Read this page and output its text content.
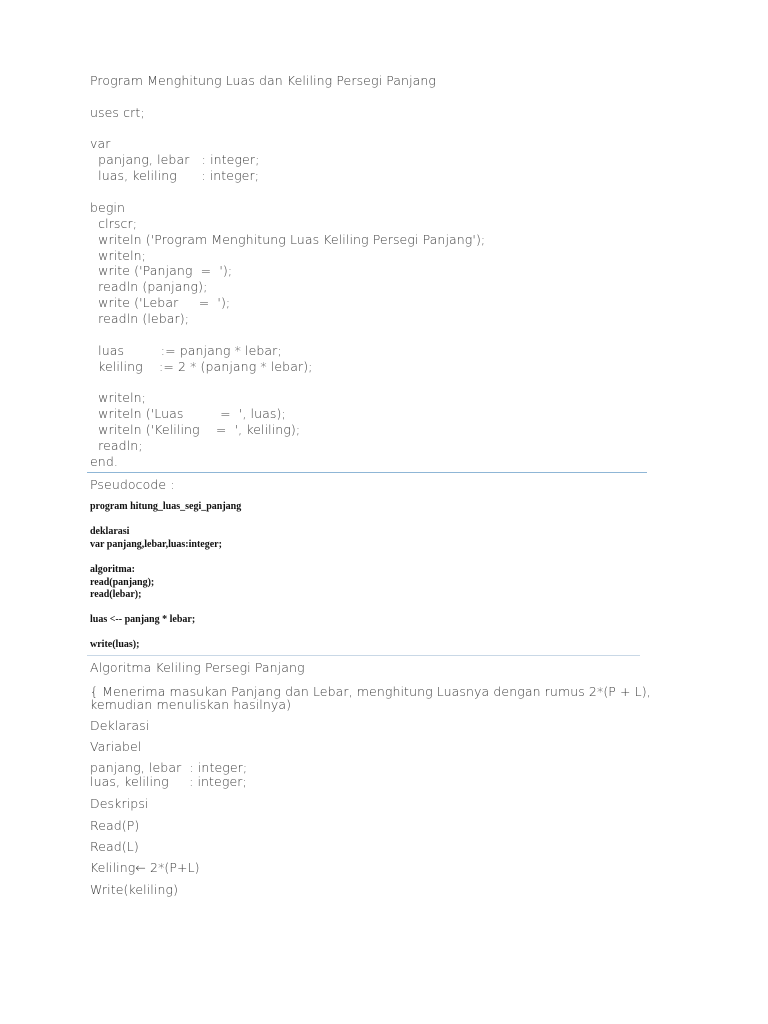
Program Menghitung Luas dan Keliling Persegi Panjang
uses crt;
var
panjang, lebar   : integer;
luas, keliling      : integer;
begin
clrscr;
writeln ('Program Menghitung Luas Keliling Persegi Panjang');
writeln;
write ('Panjang  =  ');
readln (panjang);
write ('Lebar     =  ');
readln (lebar);
luas         := panjang * lebar;
keliling    := 2 * (panjang * lebar);
writeln;
writeln ('Luas         =  ', luas);
writeln ('Keliling    =  ', keliling);
readln;
end.
Pseudocode :
program hitung_luas_segi_panjang
deklarasi
var panjang,lebar,luas:integer;
algoritma:
read(panjang);
read(lebar);
luas <-- panjang * lebar;
write(luas);
Algoritma Keliling Persegi Panjang
{ Menerima masukan Panjang dan Lebar, menghitung Luasnya dengan rumus 2*(P + L),
kemudian menuliskan hasilnya)
Deklarasi
Variabel
panjang, lebar  : integer;
luas, keliling     : integer;
Deskripsi
Read(P)
Read(L)
Keliling← 2*(P+L)
Write(keliling)
